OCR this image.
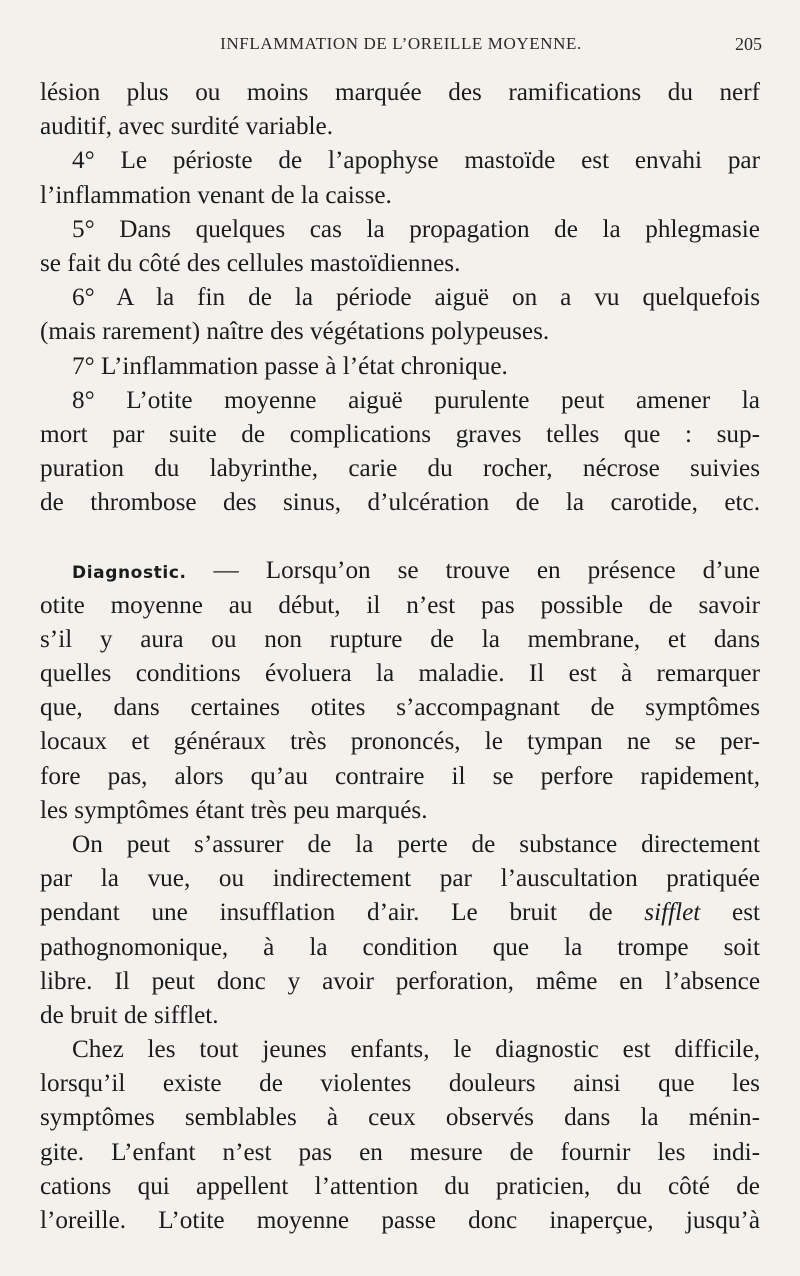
INFLAMMATION DE L’OREILLE MOYENNE.	205
lésion plus ou moins marquée des ramifications du nerf
auditif, avec surdité variable.
4° Le périoste de l’apophyse mastoïde est envahi par
l’inflammation venant de la caisse.
5° Dans quelques cas la propagation de la phlegmasie
se fait du côté des cellules mastoïdiennes.
6° A la fin de la période aiguë on a vu quelquefois
(mais rarement) naître des végétations polypeuses.
7° L’inflammation passe à l’état chronique.
8° L’otite moyenne aiguë purulente peut amener la
mort par suite de complications graves telles que : sup-
puration du labyrinthe, carie du rocher, nécrose suivies
de thrombose des sinus, d’ulcération de la carotide, etc.
Diagnostic. — Lorsqu’on se trouve en présence d’une
otite moyenne au début, il n’est pas possible de savoir
s’il y aura ou non rupture de la membrane, et dans
quelles conditions évoluera la maladie. Il est à remarquer
que, dans certaines otites s’accompagnant de symptômes
locaux et généraux très prononcés, le tympan ne se per-
fore pas, alors qu’au contraire il se perfore rapidement,
les symptômes étant très peu marqués.
On peut s’assurer de la perte de substance directement
par la vue, ou indirectement par l’auscultation pratiquée
pendant une insufflation d’air. Le bruit de sifflet est
pathognomonique, à la condition que la trompe soit
libre. Il peut donc y avoir perforation, même en l’absence
de bruit de sifflet.
Chez les tout jeunes enfants, le diagnostic est difficile,
lorsqu’il existe de violentes douleurs ainsi que les
symptômes semblables à ceux observés dans la ménin-
gite. L’enfant n’est pas en mesure de fournir les indi-
cations qui appellent l’attention du praticien, du côté de
l’oreille. L’otite moyenne passe donc inaperçue, jusqu’à
